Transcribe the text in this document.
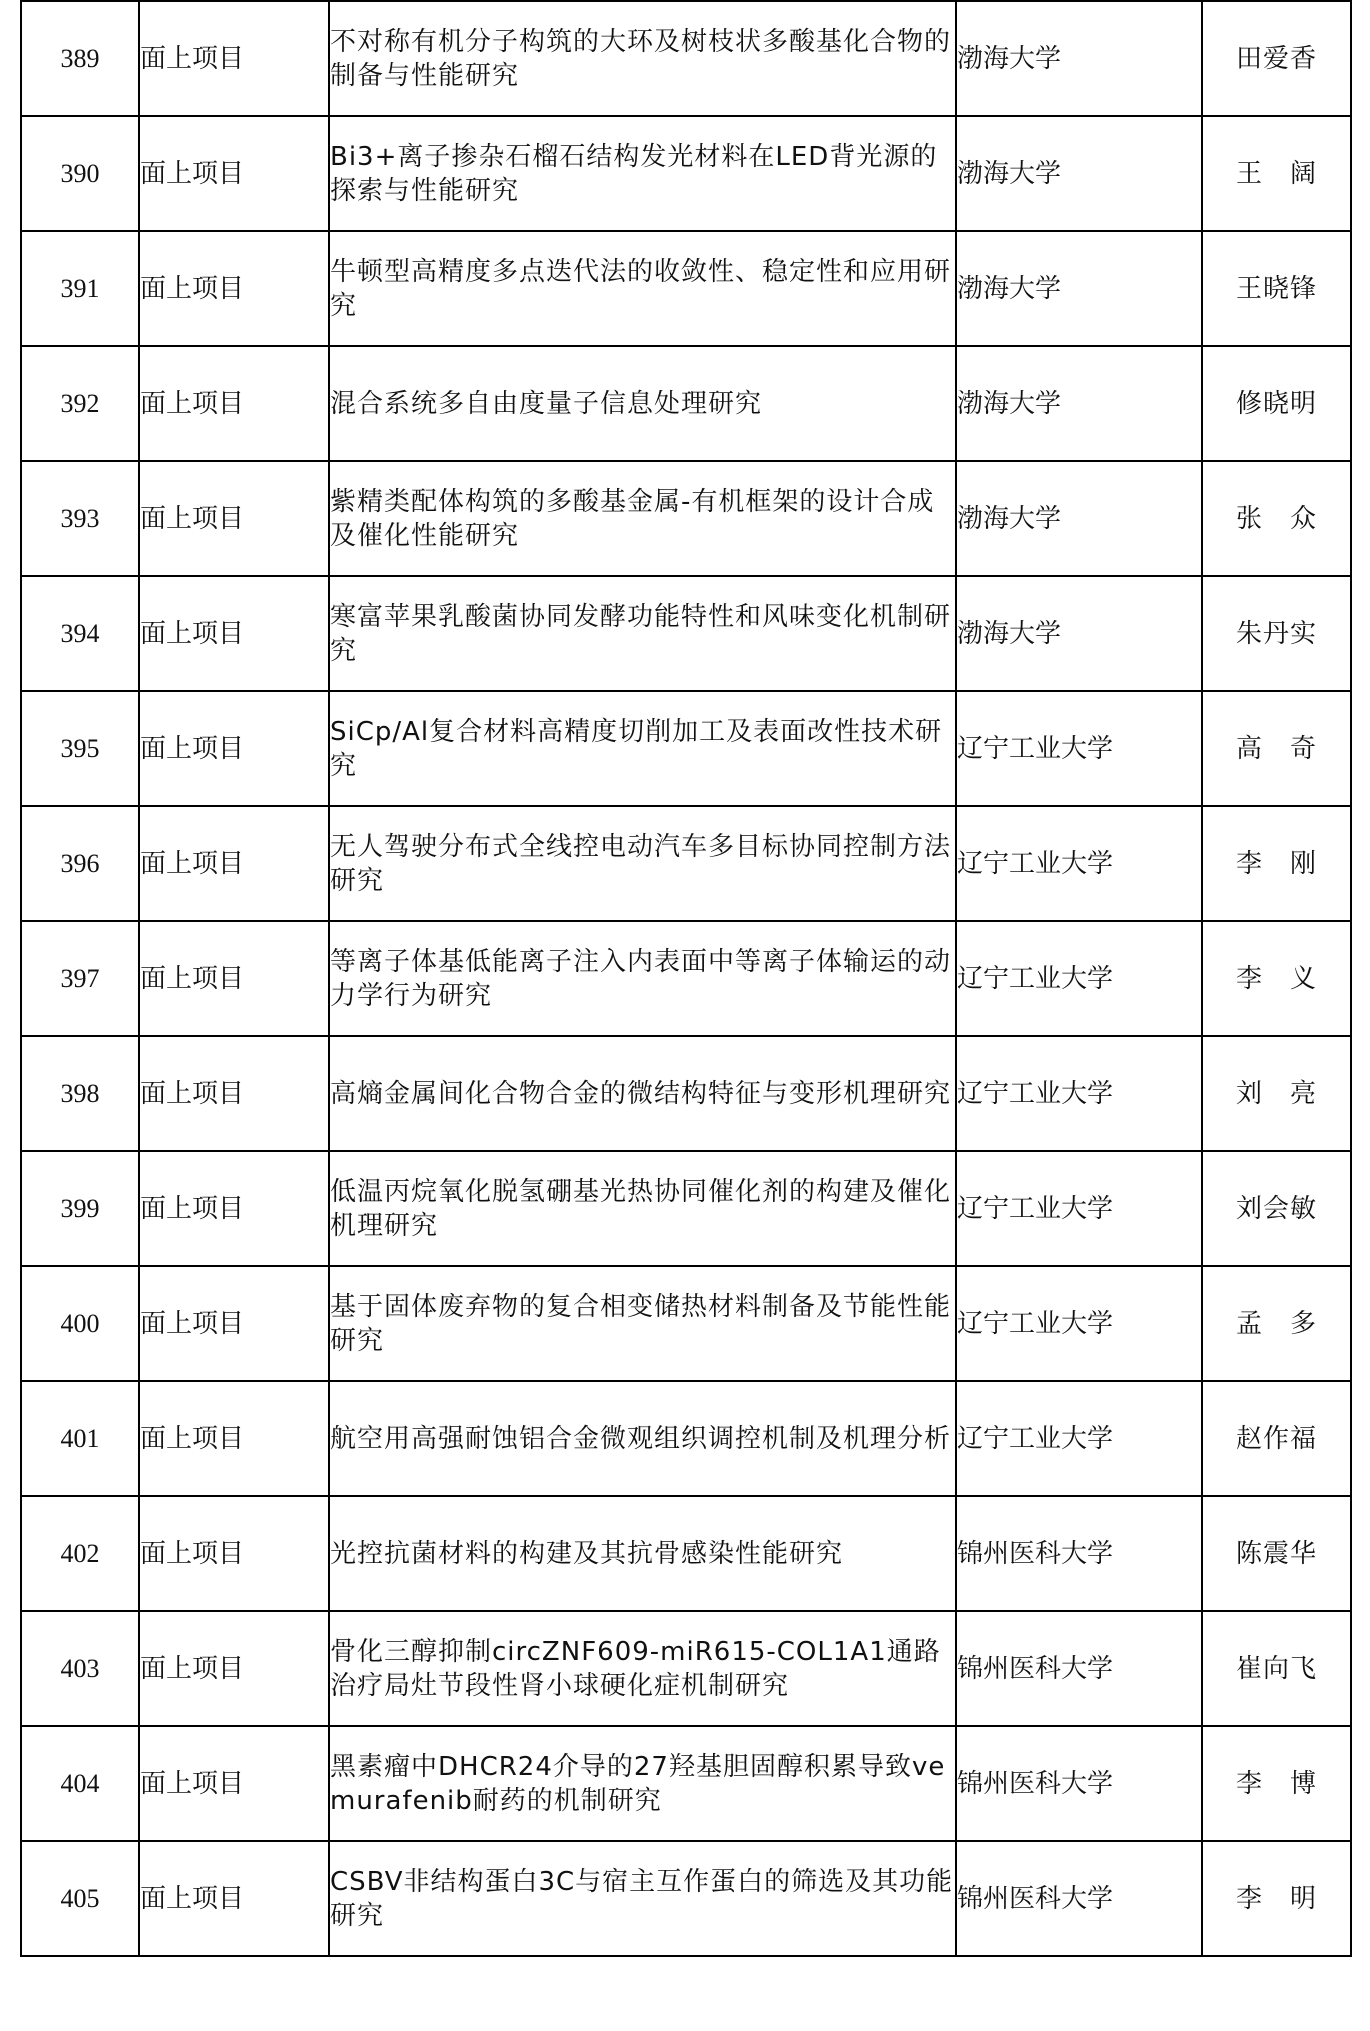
389	面上项目	不对称有机分子构筑的大环及树枝状多酸基化合物的制备与性能研究	渤海大学	田爱香
390	面上项目	Bi3+离子掺杂石榴石结构发光材料在LED背光源的探索与性能研究	渤海大学	王　阔
391	面上项目	牛顿型高精度多点迭代法的收敛性、稳定性和应用研究	渤海大学	王晓锋
392	面上项目	混合系统多自由度量子信息处理研究	渤海大学	修晓明
393	面上项目	紫精类配体构筑的多酸基金属-有机框架的设计合成及催化性能研究	渤海大学	张　众
394	面上项目	寒富苹果乳酸菌协同发酵功能特性和风味变化机制研究	渤海大学	朱丹实
395	面上项目	SiCp/Al复合材料高精度切削加工及表面改性技术研究	辽宁工业大学	高　奇
396	面上项目	无人驾驶分布式全线控电动汽车多目标协同控制方法研究	辽宁工业大学	李　刚
397	面上项目	等离子体基低能离子注入内表面中等离子体输运的动力学行为研究	辽宁工业大学	李　义
398	面上项目	高熵金属间化合物合金的微结构特征与变形机理研究	辽宁工业大学	刘　亮
399	面上项目	低温丙烷氧化脱氢硼基光热协同催化剂的构建及催化机理研究	辽宁工业大学	刘会敏
400	面上项目	基于固体废弃物的复合相变储热材料制备及节能性能研究	辽宁工业大学	孟　多
401	面上项目	航空用高强耐蚀铝合金微观组织调控机制及机理分析	辽宁工业大学	赵作福
402	面上项目	光控抗菌材料的构建及其抗骨感染性能研究	锦州医科大学	陈震华
403	面上项目	骨化三醇抑制circZNF609-miR615-COL1A1通路治疗局灶节段性肾小球硬化症机制研究	锦州医科大学	崔向飞
404	面上项目	黑素瘤中DHCR24介导的27羟基胆固醇积累导致vemurafenib耐药的机制研究	锦州医科大学	李　博
405	面上项目	CSBV非结构蛋白3C与宿主互作蛋白的筛选及其功能研究	锦州医科大学	李　明
